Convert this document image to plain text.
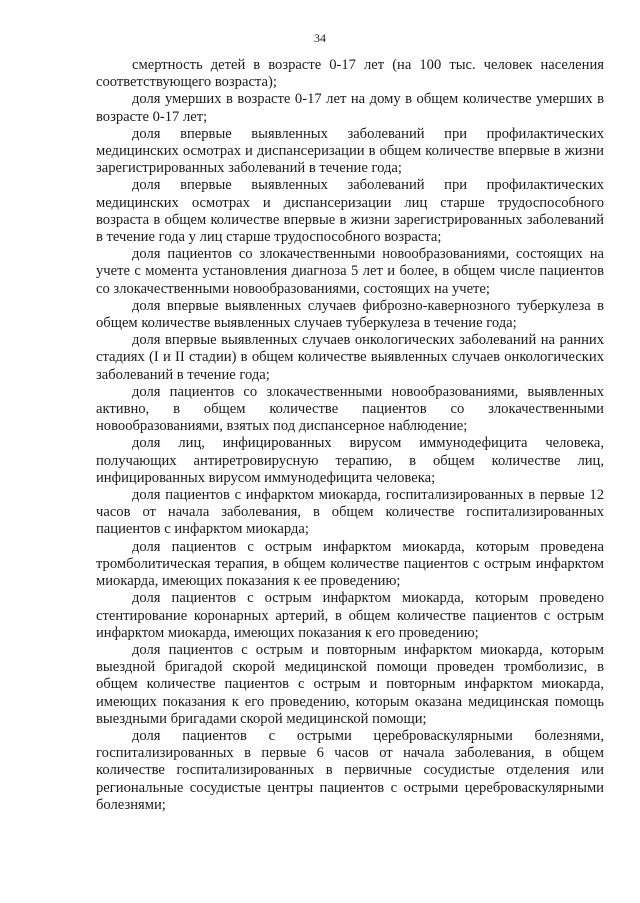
34

смертность детей в возрасте 0-17 лет (на 100 тыс. человек населения соответствующего возраста);

доля умерших в возрасте 0-17 лет на дому в общем количестве умерших в возрасте 0-17 лет;

доля впервые выявленных заболеваний при профилактических медицинских осмотрах и диспансеризации в общем количестве впервые в жизни зарегистрированных заболеваний в течение года;

доля впервые выявленных заболеваний при профилактических медицинских осмотрах и диспансеризации лиц старше трудоспособного возраста в общем количестве впервые в жизни зарегистрированных заболеваний в течение года у лиц старше трудоспособного возраста;

доля пациентов со злокачественными новообразованиями, состоящих на учете с момента установления диагноза 5 лет и более, в общем числе пациентов со злокачественными новообразованиями, состоящих на учете;

доля впервые выявленных случаев фиброзно-кавернозного туберкулеза в общем количестве выявленных случаев туберкулеза в течение года;

доля впервые выявленных случаев онкологических заболеваний на ранних стадиях (I и II стадии) в общем количестве выявленных случаев онкологических заболеваний в течение года;

доля пациентов со злокачественными новообразованиями, выявленных активно, в общем количестве пациентов со злокачественными новообразованиями, взятых под диспансерное наблюдение;

доля лиц, инфицированных вирусом иммунодефицита человека, получающих антиретровирусную терапию, в общем количестве лиц, инфицированных вирусом иммунодефицита человека;

доля пациентов с инфарктом миокарда, госпитализированных в первые 12 часов от начала заболевания, в общем количестве госпитализированных пациентов с инфарктом миокарда;

доля пациентов с острым инфарктом миокарда, которым проведена тромболитическая терапия, в общем количестве пациентов с острым инфарктом миокарда, имеющих показания к ее проведению;

доля пациентов с острым инфарктом миокарда, которым проведено стентирование коронарных артерий, в общем количестве пациентов с острым инфарктом миокарда, имеющих показания к его проведению;

доля пациентов с острым и повторным инфарктом миокарда, которым выездной бригадой скорой медицинской помощи проведен тромболизис, в общем количестве пациентов с острым и повторным инфарктом миокарда, имеющих показания к его проведению, которым оказана медицинская помощь выездными бригадами скорой медицинской помощи;

доля пациентов с острыми цереброваскулярными болезнями, госпитализированных в первые 6 часов от начала заболевания, в общем количестве госпитализированных в первичные сосудистые отделения или региональные сосудистые центры пациентов с острыми цереброваскулярными болезнями;
